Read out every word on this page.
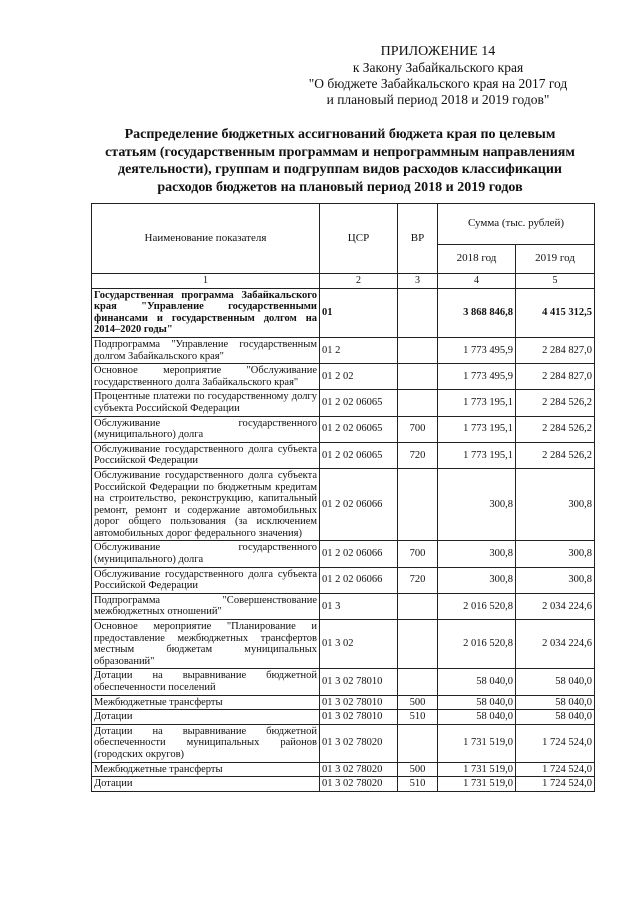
ПРИЛОЖЕНИЕ 14
к Закону Забайкальского края
"О бюджете Забайкальского края на 2017 год
и плановый период 2018 и 2019 годов"
Распределение бюджетных ассигнований бюджета края по целевым
статьям (государственным программам и непрограммным направлениям
деятельности), группам и подгруппам видов расходов классификации
расходов бюджетов на плановый период 2018 и 2019 годов
Наименование показателя	ЦСР	ВР	Сумма (тыс. рублей)	
			2018 год	2019 год
1	2	3	4	5
Государственная программа Забайкальского края "Управление государственными финансами и государственным долгом на 2014–2020 годы"	01		3 868 846,8	4 415 312,5
Подпрограмма "Управление государственным долгом Забайкальского края"	01 2		1 773 495,9	2 284 827,0
Основное мероприятие "Обслуживание государственного долга Забайкальского края"	01 2 02		1 773 495,9	2 284 827,0
Процентные платежи по государственному долгу субъекта Российской Федерации	01 2 02 06065		1 773 195,1	2 284 526,2
Обслуживание государственного (муниципального) долга	01 2 02 06065	700	1 773 195,1	2 284 526,2
Обслуживание государственного долга субъекта Российской Федерации	01 2 02 06065	720	1 773 195,1	2 284 526,2
Обслуживание государственного долга субъекта Российской Федерации по бюджетным кредитам на строительство, реконструкцию, капитальный ремонт, ремонт и содержание автомобильных дорог общего пользования (за исключением автомобильных дорог федерального значения)	01 2 02 06066		300,8	300,8
Обслуживание государственного (муниципального) долга	01 2 02 06066	700	300,8	300,8
Обслуживание государственного долга субъекта Российской Федерации	01 2 02 06066	720	300,8	300,8
Подпрограмма "Совершенствование межбюджетных отношений"	01 3		2 016 520,8	2 034 224,6
Основное мероприятие "Планирование и предоставление межбюджетных трансфертов местным бюджетам муниципальных образований"	01 3 02		2 016 520,8	2 034 224,6
Дотации на выравнивание бюджетной обеспеченности поселений	01 3 02 78010		58 040,0	58 040,0
Межбюджетные трансферты	01 3 02 78010	500	58 040,0	58 040,0
Дотации	01 3 02 78010	510	58 040,0	58 040,0
Дотации на выравнивание бюджетной обеспеченности муниципальных районов (городских округов)	01 3 02 78020		1 731 519,0	1 724 524,0
Межбюджетные трансферты	01 3 02 78020	500	1 731 519,0	1 724 524,0
Дотации	01 3 02 78020	510	1 731 519,0	1 724 524,0
